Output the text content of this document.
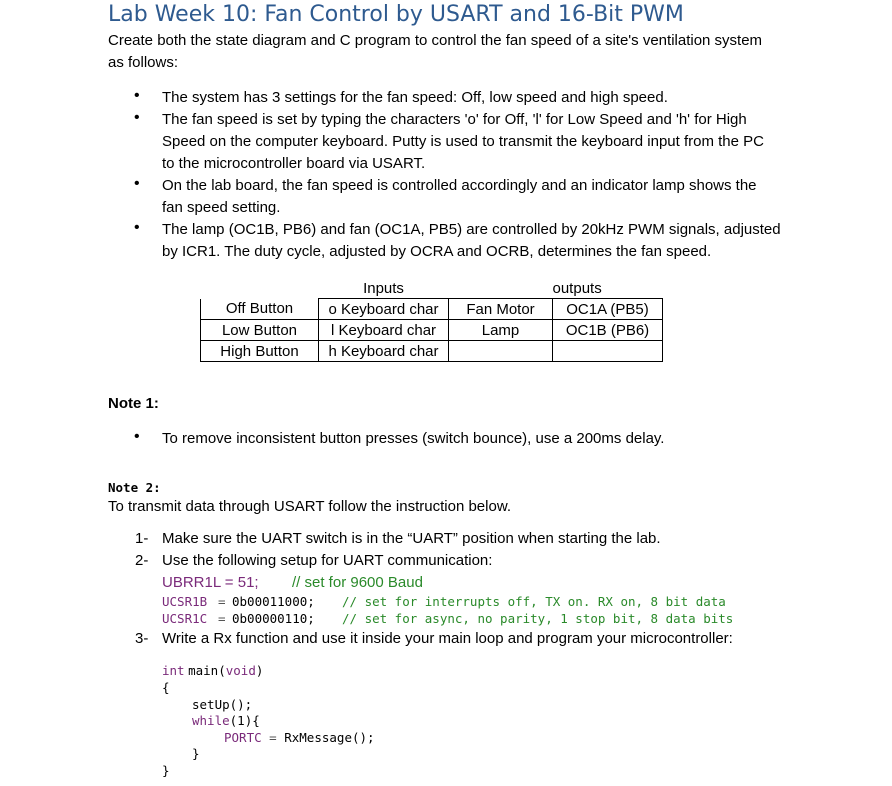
Lab Week 10: Fan Control by USART and 16-Bit PWM
Create both the state diagram and C program to control the fan speed of a site's ventilation system
as follows:
• The system has 3 settings for the fan speed: Off, low speed and high speed.
• The fan speed is set by typing the characters 'o' for Off, 'l' for Low Speed and 'h' for High
Speed on the computer keyboard. Putty is used to transmit the keyboard input from the PC
to the microcontroller board via USART.
• On the lab board, the fan speed is controlled accordingly and an indicator lamp shows the
fan speed setting.
• The lamp (OC1B, PB6) and fan (OC1A, PB5) are controlled by 20kHz PWM signals, adjusted
by ICR1. The duty cycle, adjusted by OCRA and OCRB, determines the fan speed.
	Inputs		outputs
Off Button	o Keyboard char	Fan Motor	OC1A (PB5)
Low Button	l Keyboard char	Lamp	OC1B (PB6)
High Button	h Keyboard char		
Note 1:
• To remove inconsistent button presses (switch bounce), use a 200ms delay.
Note 2:
To transmit data through USART follow the instruction below.
1- Make sure the UART switch is in the “UART” position when starting the lab.
2- Use the following setup for UART communication:
UBRR1L = 51; // set for 9600 Baud
UCSR1B = 0b00011000; // set for interrupts off, TX on. RX on, 8 bit data
UCSR1C = 0b00000110; // set for async, no parity, 1 stop bit, 8 data bits
3- Write a Rx function and use it inside your main loop and program your microcontroller:
int main(void)
{
setUp();
while(1){
PORTC = RxMessage();
}
}
